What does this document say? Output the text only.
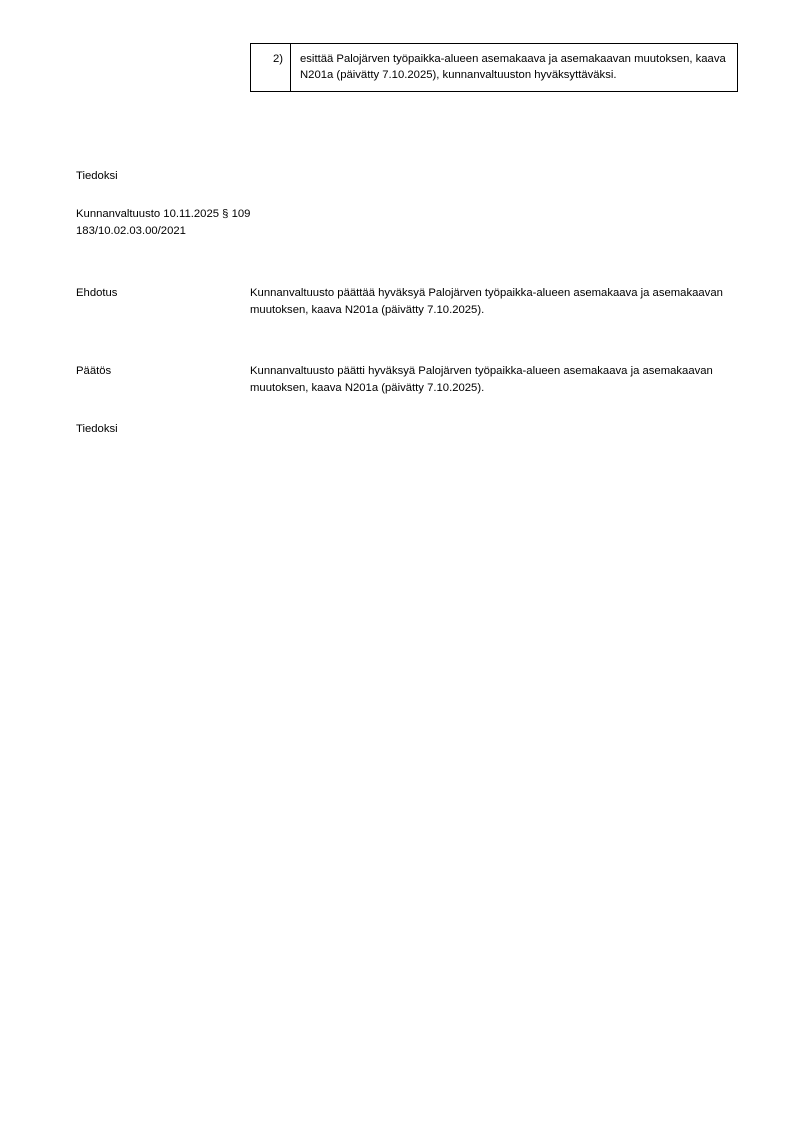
2)	esittää Palojärven työpaikka-alueen asemakaava ja asemakaavan muutoksen, kaava N201a (päivätty 7.10.2025), kunnanvaltuuston hyväksyttäväksi.
Tiedoksi
Kunnanvaltuusto 10.11.2025 § 109
183/10.02.03.00/2021
Ehdotus	Kunnanvaltuusto päättää hyväksyä Palojärven työpaikka-alueen asemakaava ja asemakaavan muutoksen, kaava N201a (päivätty 7.10.2025).
Päätös	Kunnanvaltuusto päätti hyväksyä Palojärven työpaikka-alueen asemakaava ja asemakaavan muutoksen, kaava N201a (päivätty 7.10.2025).
Tiedoksi
